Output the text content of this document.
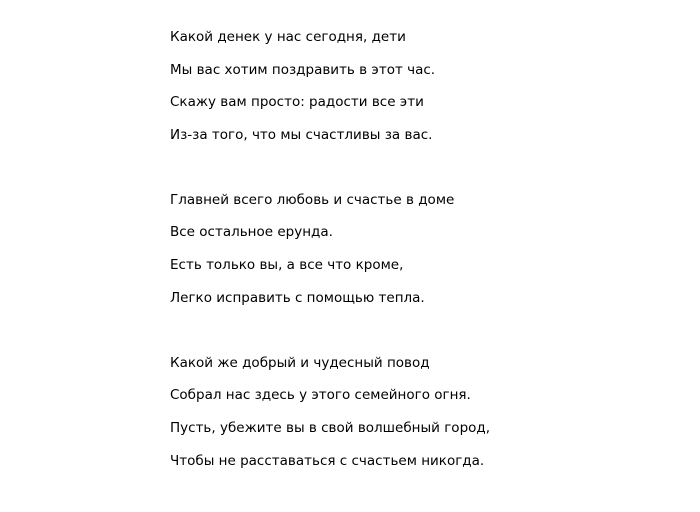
Какой денек у нас сегодня, дети
Мы вас хотим поздравить в этот час.
Скажу вам просто: радости все эти
Из-за того, что мы счастливы за вас.
Главней всего любовь и счастье в доме
Все остальное ерунда.
Есть только вы, а все что кроме,
Легко исправить с помощью тепла.
Какой же добрый и чудесный повод
Собрал нас здесь у этого семейного огня.
Пусть, убежите вы в свой волшебный город,
Чтобы не расставаться с счастьем никогда.
